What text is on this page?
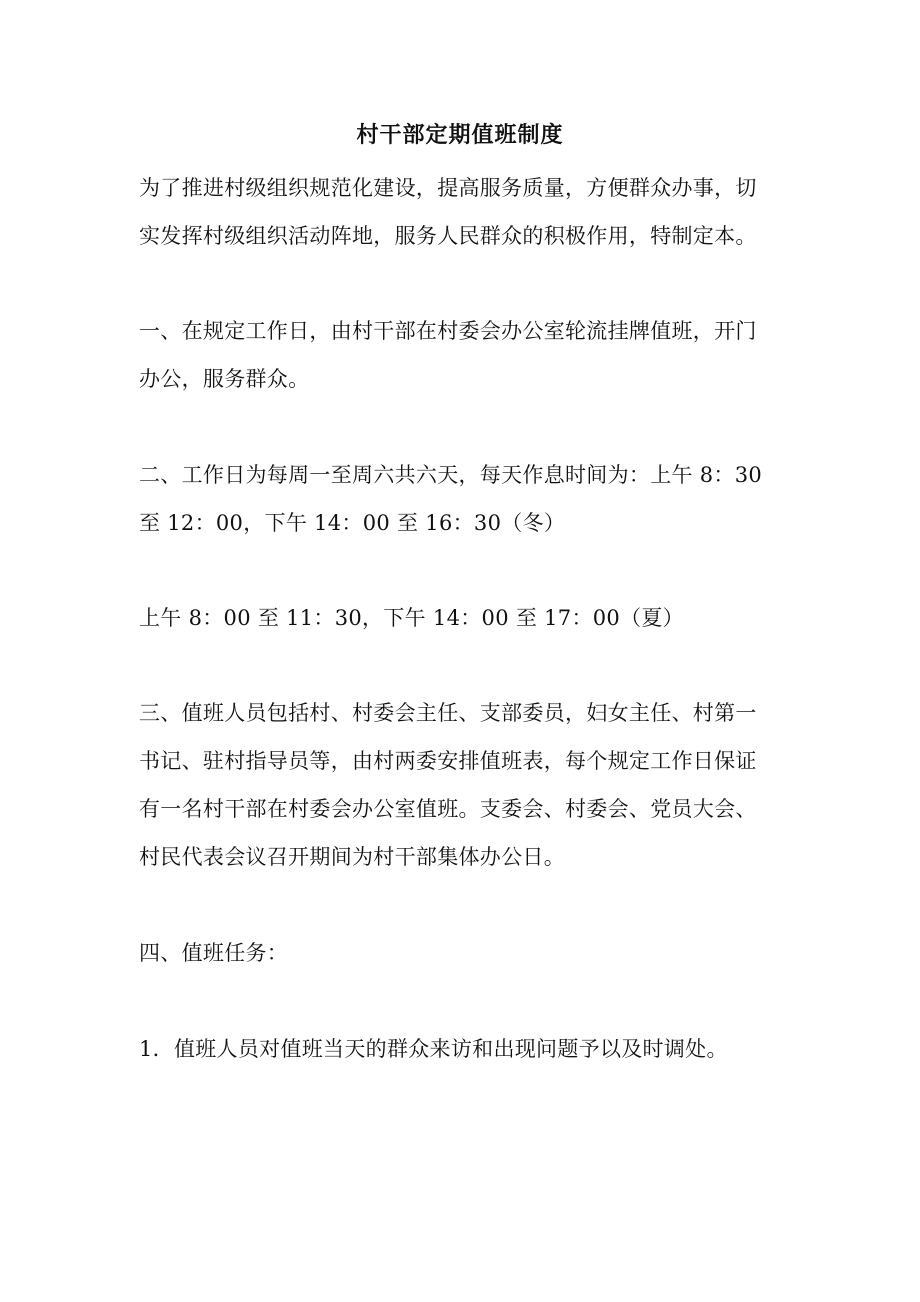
村干部定期值班制度

为了推进村级组织规范化建设，提高服务质量，方便群众办事，切
实发挥村级组织活动阵地，服务人民群众的积极作用，特制定本。

一、在规定工作日，由村干部在村委会办公室轮流挂牌值班，开门
办公，服务群众。

二、工作日为每周一至周六共六天，每天作息时间为：上午 8：30
至 12：00，下午 14：00 至 16：30（冬）

上午 8：00 至 11：30，下午 14：00 至 17：00（夏）

三、值班人员包括村、村委会主任、支部委员，妇女主任、村第一
书记、驻村指导员等，由村两委安排值班表，每个规定工作日保证
有一名村干部在村委会办公室值班。支委会、村委会、党员大会、
村民代表会议召开期间为村干部集体办公日。

四、值班任务：

1．值班人员对值班当天的群众来访和出现问题予以及时调处。
